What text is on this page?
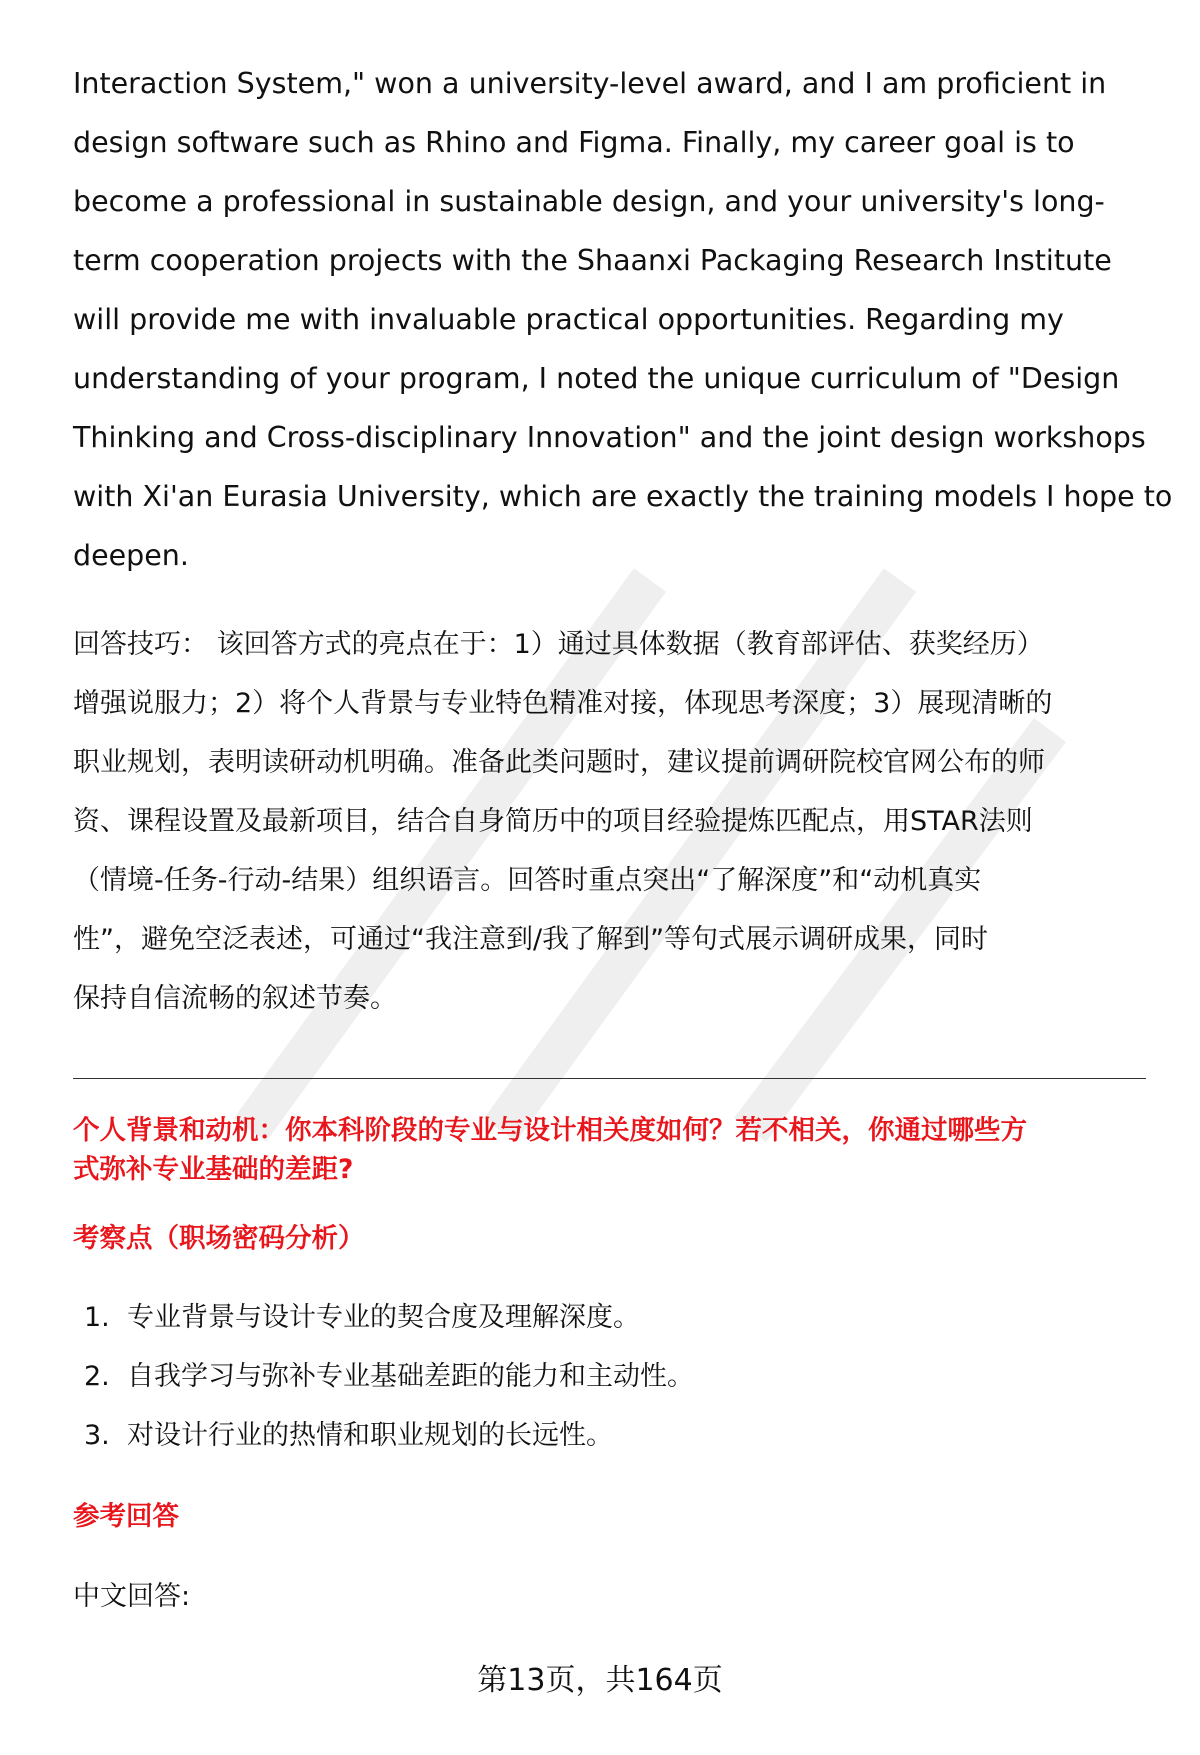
Interaction System," won a university-level award, and I am proficient in
design software such as Rhino and Figma. Finally, my career goal is to
become a professional in sustainable design, and your university's long-
term cooperation projects with the Shaanxi Packaging Research Institute
will provide me with invaluable practical opportunities. Regarding my
understanding of your program, I noted the unique curriculum of "Design
Thinking and Cross-disciplinary Innovation" and the joint design workshops
with Xi'an Eurasia University, which are exactly the training models I hope to
deepen.
回答技巧： 该回答方式的亮点在于：1）通过具体数据（教育部评估、获奖经历）
增强说服力；2）将个人背景与专业特色精准对接，体现思考深度；3）展现清晰的
职业规划，表明读研动机明确。准备此类问题时，建议提前调研院校官网公布的师
资、课程设置及最新项目，结合自身简历中的项目经验提炼匹配点，用STAR法则
（情境-任务-行动-结果）组织语言。回答时重点突出“了解深度”和“动机真实
性”，避免空泛表述，可通过“我注意到/我了解到”等句式展示调研成果，同时
保持自信流畅的叙述节奏。
个人背景和动机：你本科阶段的专业与设计相关度如何？若不相关，你通过哪些方
式弥补专业基础的差距?
考察点（职场密码分析）
1. 专业背景与设计专业的契合度及理解深度。
2. 自我学习与弥补专业基础差距的能力和主动性。
3. 对设计行业的热情和职业规划的长远性。
参考回答
中文回答:
第13页，共164页
